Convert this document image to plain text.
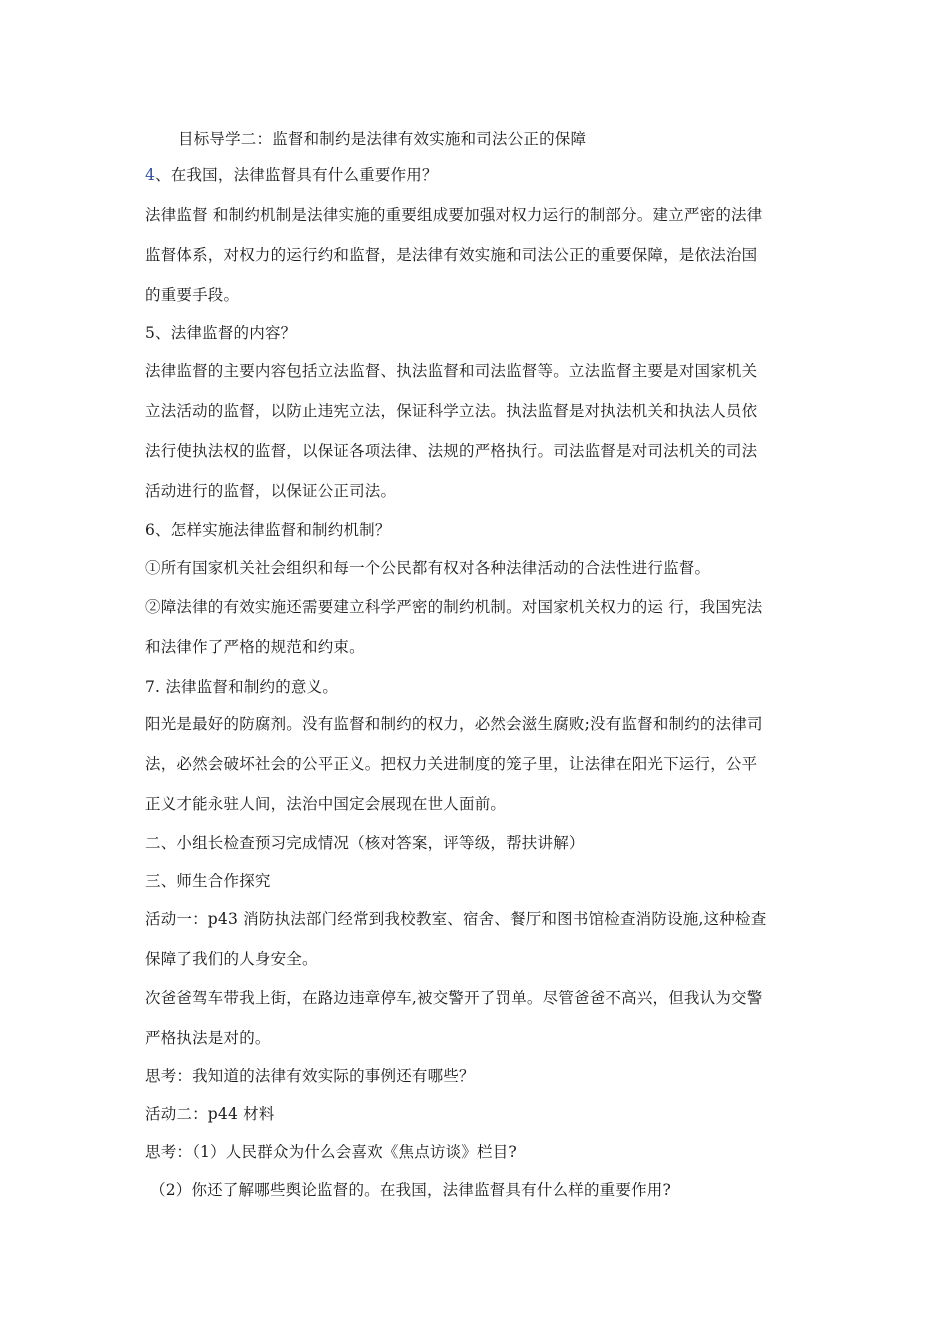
目标导学二：监督和制约是法律有效实施和司法公正的保障
4、在我国，法律监督具有什么重要作用？
法律监督 和制约机制是法律实施的重要组成要加强对权力运行的制部分。建立严密的法律
监督体系，对权力的运行约和监督，是法律有效实施和司法公正的重要保障，是依法治国
的重要手段。
5、法律监督的内容？
法律监督的主要内容包括立法监督、执法监督和司法监督等。立法监督主要是对国家机关
立法活动的监督，以防止违宪立法，保证科学立法。执法监督是对执法机关和执法人员依
法行使执法权的监督，以保证各项法律、法规的严格执行。司法监督是对司法机关的司法
活动进行的监督，以保证公正司法。
6、怎样实施法律监督和制约机制？
①所有国家机关社会组织和每一个公民都有权对各种法律活动的合法性进行监督。
②障法律的有效实施还需要建立科学严密的制约机制。对国家机关权力的运 行，我国宪法
和法律作了严格的规范和约束。
7. 法律监督和制约的意义。
阳光是最好的防腐剂。没有监督和制约的权力，必然会滋生腐败;没有监督和制约的法律司
法，必然会破坏社会的公平正义。把权力关进制度的笼子里，让法律在阳光下运行，公平
正义才能永驻人间，法治中国定会展现在世人面前。
二、小组长检查预习完成情况（核对答案，评等级，帮扶讲解）
三、师生合作探究
活动一：p43 消防执法部门经常到我校教室、宿舍、餐厅和图书馆检查消防设施,这种检查
保障了我们的人身安全。
次爸爸驾车带我上街，在路边违章停车,被交警开了罚单。尽管爸爸不高兴，但我认为交警
严格执法是对的。
思考：我知道的法律有效实际的事例还有哪些？
活动二：p44 材料
思考：（1）人民群众为什么会喜欢《焦点访谈》栏目?
（2）你还了解哪些舆论监督的。在我国，法律监督具有什么样的重要作用?
